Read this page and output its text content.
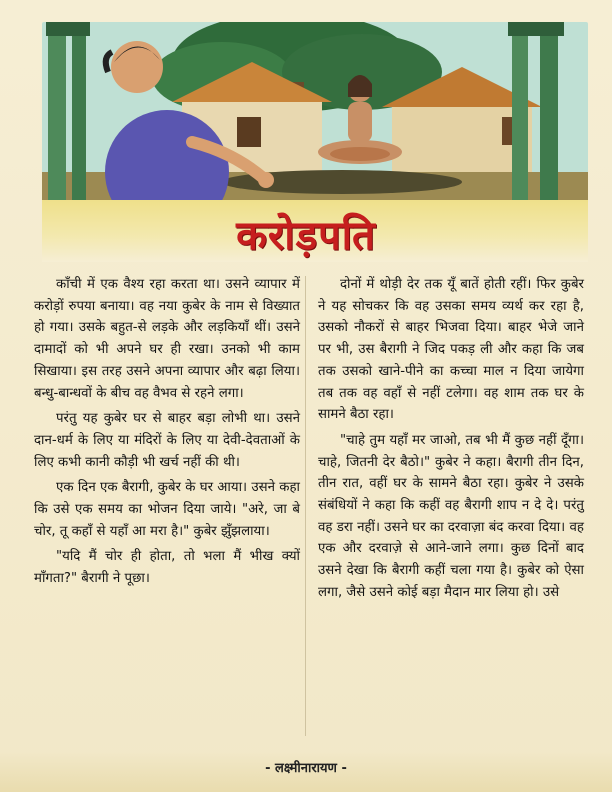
करोड़पति

काँची में एक वैश्य रहा करता था। उसने व्यापार में करोड़ों रुपया बनाया। वह नया कुबेर के नाम से विख्यात हो गया। उसके बहुत-से लड़के और लड़कियाँ थीं। उसने दामादों को भी अपने घर ही रखा। उनको भी काम सिखाया। इस तरह उसने अपना व्यापार और बढ़ा लिया। बन्धु-बान्धवों के बीच वह वैभव से रहने लगा।

परंतु यह कुबेर घर से बाहर बड़ा लोभी था। उसने दान-धर्म के लिए या मंदिरों के लिए या देवी-देवताओं के लिए कभी कानी कौड़ी भी खर्च नहीं की थी।

एक दिन एक बैरागी, कुबेर के घर आया। उसने कहा कि उसे एक समय का भोजन दिया जाये। "अरे, जा बे चोर, तू कहाँ से यहाँ आ मरा है।" कुबेर झुँझलाया।

"यदि मैं चोर ही होता, तो भला मैं भीख क्यों माँगता?" बैरागी ने पूछा।

दोनों में थोड़ी देर तक यूँ बातें होती रहीं। फिर कुबेर ने यह सोचकर कि वह उसका समय व्यर्थ कर रहा है, उसको नौकरों से बाहर भिजवा दिया। बाहर भेजे जाने पर भी, उस बैरागी ने जिद पकड़ ली और कहा कि जब तक उसको खाने-पीने का कच्चा माल न दिया जायेगा तब तक वह वहाँ से नहीं टलेगा। वह शाम तक घर के सामने बैठा रहा।

"चाहे तुम यहाँ मर जाओ, तब भी मैं कुछ नहीं दूँगा। चाहे, जितनी देर बैठो।" कुबेर ने कहा। बैरागी तीन दिन, तीन रात, वहीं घर के सामने बैठा रहा। कुबेर ने उसके संबंधियों ने कहा कि कहीं वह बैरागी शाप न दे दे। परंतु वह डरा नहीं। उसने घर का दरवाज़ा बंद करवा दिया। वह एक और दरवाज़े से आने-जाने लगा। कुछ दिनों बाद उसने देखा कि बैरागी कहीं चला गया है। कुबेर को ऐसा लगा, जैसे उसने कोई बड़ा मैदान मार लिया हो। उसे

- लक्ष्मीनारायण -
